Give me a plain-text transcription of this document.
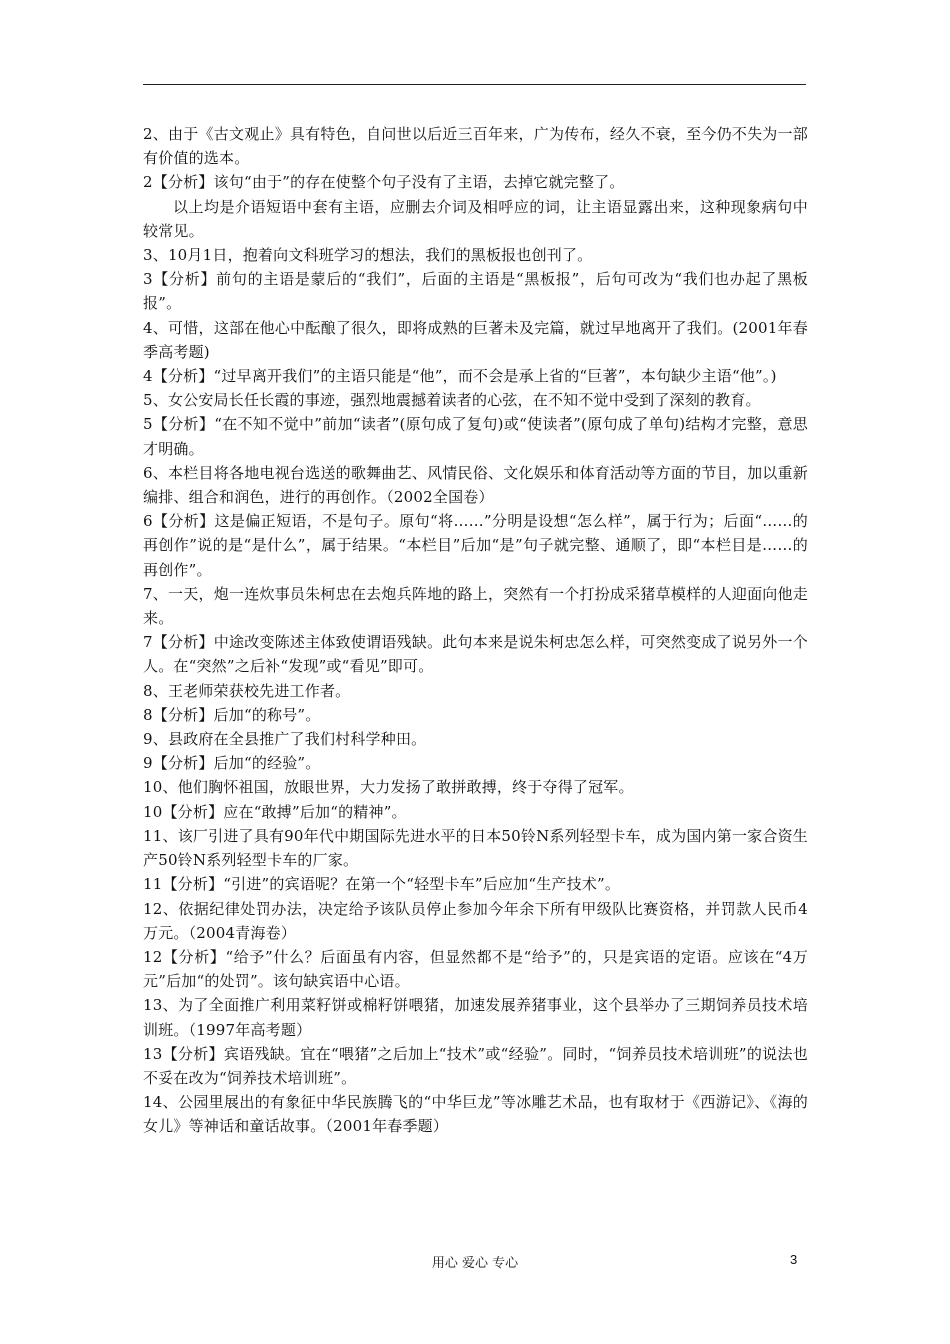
2、由于《古文观止》具有特色，自问世以后近三百年来，广为传布，经久不衰，至今仍不失为一部有价值的选本。

2【分析】该句“由于”的存在使整个句子没有了主语，去掉它就完整了。

以上均是介语短语中套有主语，应删去介词及相呼应的词，让主语显露出来，这种现象病句中较常见。

3、10月1日，抱着向文科班学习的想法，我们的黑板报也创刊了。

3【分析】前句的主语是蒙后的“我们”，后面的主语是“黑板报”，后句可改为“我们也办起了黑板报”。

4、可惜，这部在他心中酝酿了很久，即将成熟的巨著未及完篇，就过早地离开了我们。(2001年春季高考题)

4【分析】“过早离开我们”的主语只能是“他”，而不会是承上省的“巨著”，本句缺少主语“他”。)

5、女公安局长任长霞的事迹，强烈地震撼着读者的心弦，在不知不觉中受到了深刻的教育。

5【分析】“在不知不觉中”前加“读者”(原句成了复句)或“使读者”(原句成了单句)结构才完整，意思才明确。

6、本栏目将各地电视台选送的歌舞曲艺、风情民俗、文化娱乐和体育活动等方面的节目，加以重新编排、组合和润色，进行的再创作。（2002全国卷）

6【分析】这是偏正短语，不是句子。原句“将……”分明是设想“怎么样”，属于行为；后面“……的再创作”说的是“是什么”，属于结果。“本栏目”后加“是”句子就完整、通顺了，即“本栏目是……的再创作”。

7、一天，炮一连炊事员朱柯忠在去炮兵阵地的路上，突然有一个打扮成采猪草模样的人迎面向他走来。

7【分析】中途改变陈述主体致使谓语残缺。此句本来是说朱柯忠怎么样，可突然变成了说另外一个人。在“突然”之后补“发现”或“看见”即可。

8、王老师荣获校先进工作者。

8【分析】后加“的称号”。

9、县政府在全县推广了我们村科学种田。

9【分析】后加“的经验”。

10、他们胸怀祖国，放眼世界，大力发扬了敢拼敢搏，终于夺得了冠军。

10【分析】应在“敢搏”后加“的精神”。

11、该厂引进了具有90年代中期国际先进水平的日本50铃N系列轻型卡车，成为国内第一家合资生产50铃N系列轻型卡车的厂家。

11【分析】“引进”的宾语呢？在第一个“轻型卡车”后应加“生产技术”。

12、依据纪律处罚办法，决定给予该队员停止参加今年余下所有甲级队比赛资格，并罚款人民币4万元。（2004青海卷）

12【分析】“给予”什么？后面虽有内容，但显然都不是“给予”的，只是宾语的定语。应该在“4万元”后加“的处罚”。该句缺宾语中心语。

13、为了全面推广利用菜籽饼或棉籽饼喂猪，加速发展养猪事业，这个县举办了三期饲养员技术培训班。（1997年高考题）

13【分析】宾语残缺。宜在“喂猪”之后加上“技术”或“经验”。同时，“饲养员技术培训班”的说法也不妥在改为“饲养技术培训班”。

14、公园里展出的有象征中华民族腾飞的“中华巨龙”等冰雕艺术品，也有取材于《西游记》、《海的女儿》等神话和童话故事。（2001年春季题）

用心 爱心 专心	3
